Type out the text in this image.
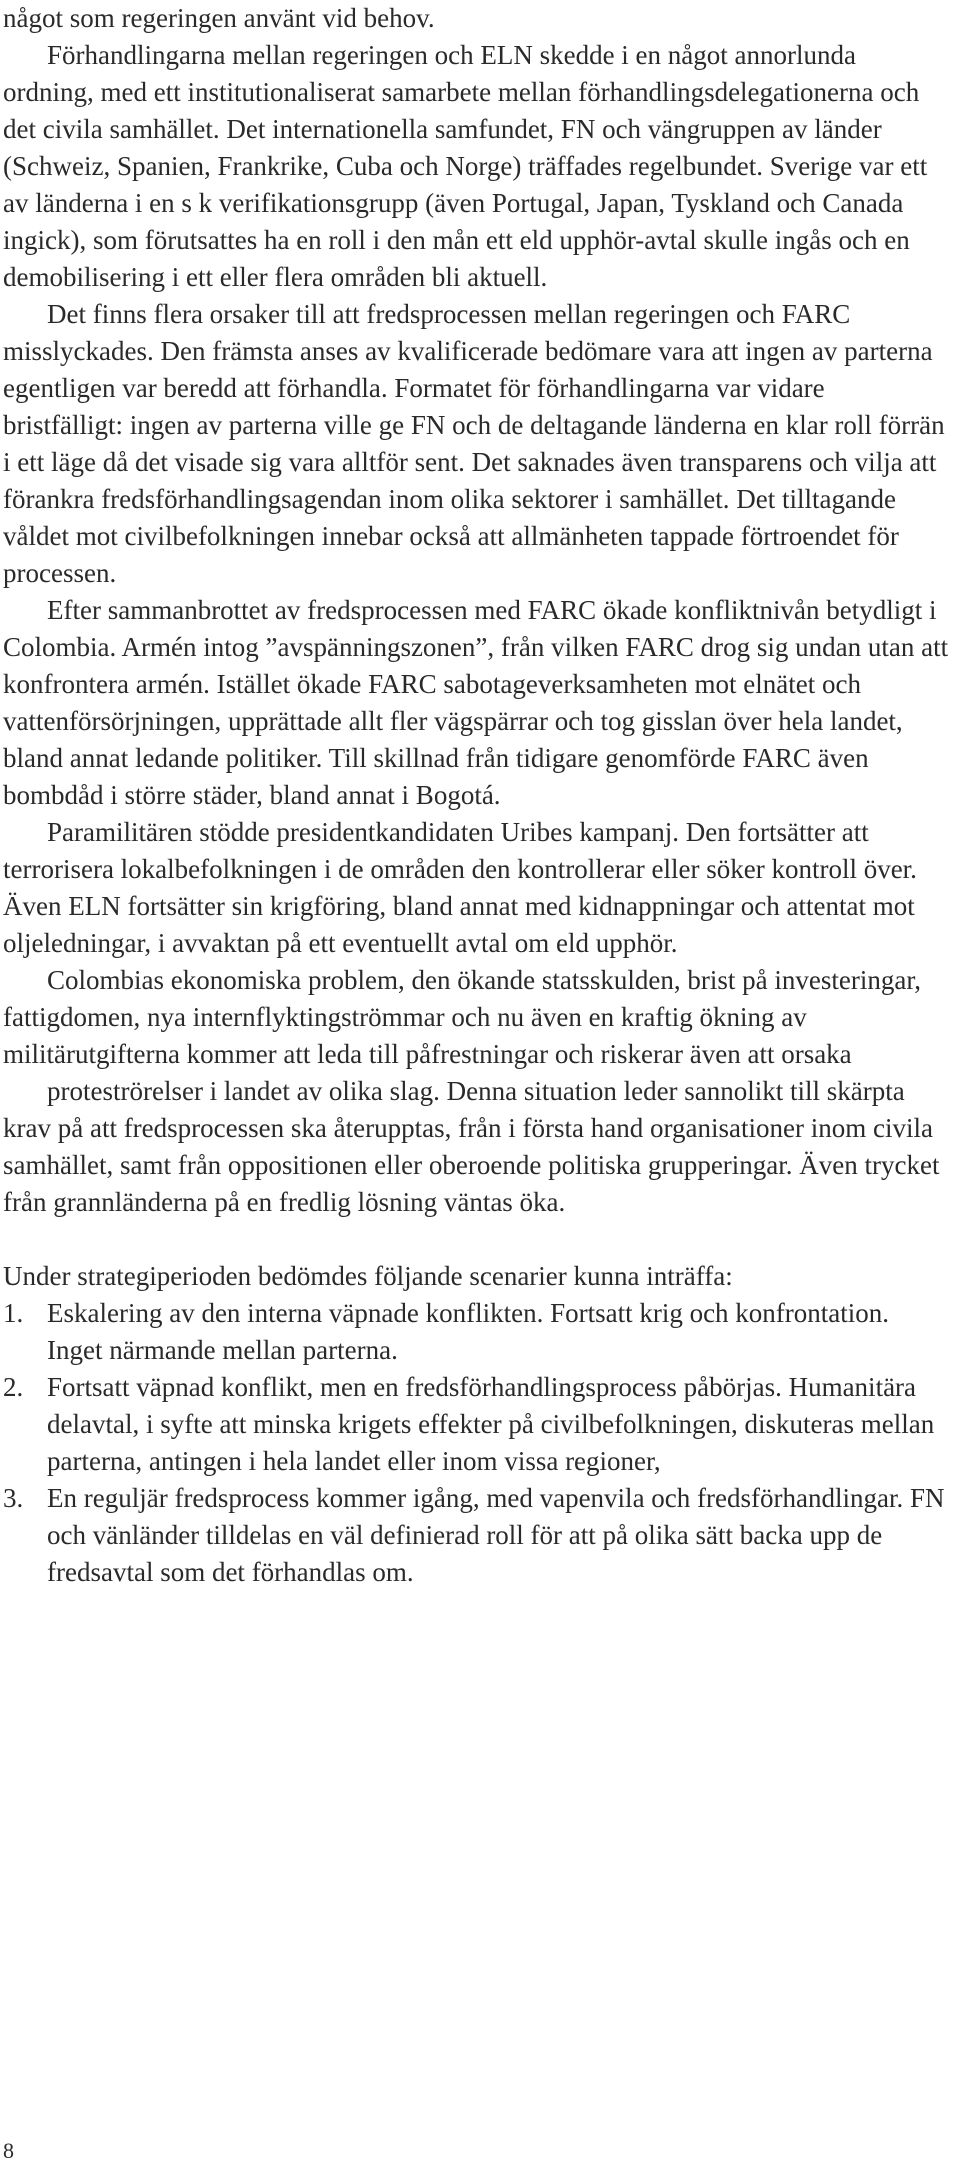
något som regeringen använt vid behov.

Förhandlingarna mellan regeringen och ELN skedde i en något annorlunda ordning, med ett institutionaliserat samarbete mellan förhandlingsdelegationerna och det civila samhället. Det internationella samfundet, FN och vängruppen av länder (Schweiz, Spanien, Frankrike, Cuba och Norge) träffades regelbundet. Sverige var ett av länderna i en s k verifikationsgrupp (även Portugal, Japan, Tyskland och Canada ingick), som förutsattes ha en roll i den mån ett eld upphör-avtal skulle ingås och en demobilisering i ett eller flera områden bli aktuell.

Det finns flera orsaker till att fredsprocessen mellan regeringen och FARC misslyckades. Den främsta anses av kvalificerade bedömare vara att ingen av parterna egentligen var beredd att förhandla. Formatet för förhandlingarna var vidare bristfälligt: ingen av parterna ville ge FN och de deltagande länderna en klar roll förrän i ett läge då det visade sig vara alltför sent. Det saknades även transparens och vilja att förankra fredsförhandlingsagendan inom olika sektorer i samhället. Det tilltagande våldet mot civilbefolkningen innebar också att allmänheten tappade förtroendet för processen.

Efter sammanbrottet av fredsprocessen med FARC ökade konfliktnivån betydligt i Colombia. Armén intog ”avspänningszonen”, från vilken FARC drog sig undan utan att konfrontera armén. Istället ökade FARC sabotageverksamheten mot elnätet och vattenförsörjningen, upprättade allt fler vägspärrar och tog gisslan över hela landet, bland annat ledande politiker. Till skillnad från tidigare genomförde FARC även bombdåd i större städer, bland annat i Bogotá.

Paramilitären stödde presidentkandidaten Uribes kampanj. Den fortsätter att terrorisera lokalbefolkningen i de områden den kontrollerar eller söker kontroll över. Även ELN fortsätter sin krigföring, bland annat med kidnappningar och attentat mot oljeledningar, i avvaktan på ett eventuellt avtal om eld upphör.

Colombias ekonomiska problem, den ökande statsskulden, brist på investeringar, fattigdomen, nya internflyktingströmmar och nu även en kraftig ökning av militärutgifterna kommer att leda till påfrestningar och riskerar även att orsaka

proteströrelser i landet av olika slag. Denna situation leder sannolikt till skärpta krav på att fredsprocessen ska återupptas, från i första hand organisationer inom civila samhället, samt från oppositionen eller oberoende politiska grupperingar. Även trycket från grannländerna på en fredlig lösning väntas öka.

Under strategiperioden bedömdes följande scenarier kunna inträffa:

1. Eskalering av den interna väpnade konflikten. Fortsatt krig och konfrontation. Inget närmande mellan parterna.
2. Fortsatt väpnad konflikt, men en fredsförhandlingsprocess påbörjas. Humanitära delavtal, i syfte att minska krigets effekter på civilbefolkningen, diskuteras mellan parterna, antingen i hela landet eller inom vissa regioner,
3. En reguljär fredsprocess kommer igång, med vapenvila och fredsförhandlingar. FN och vänländer tilldelas en väl definierad roll för att på olika sätt backa upp de fredsavtal som det förhandlas om.
8
